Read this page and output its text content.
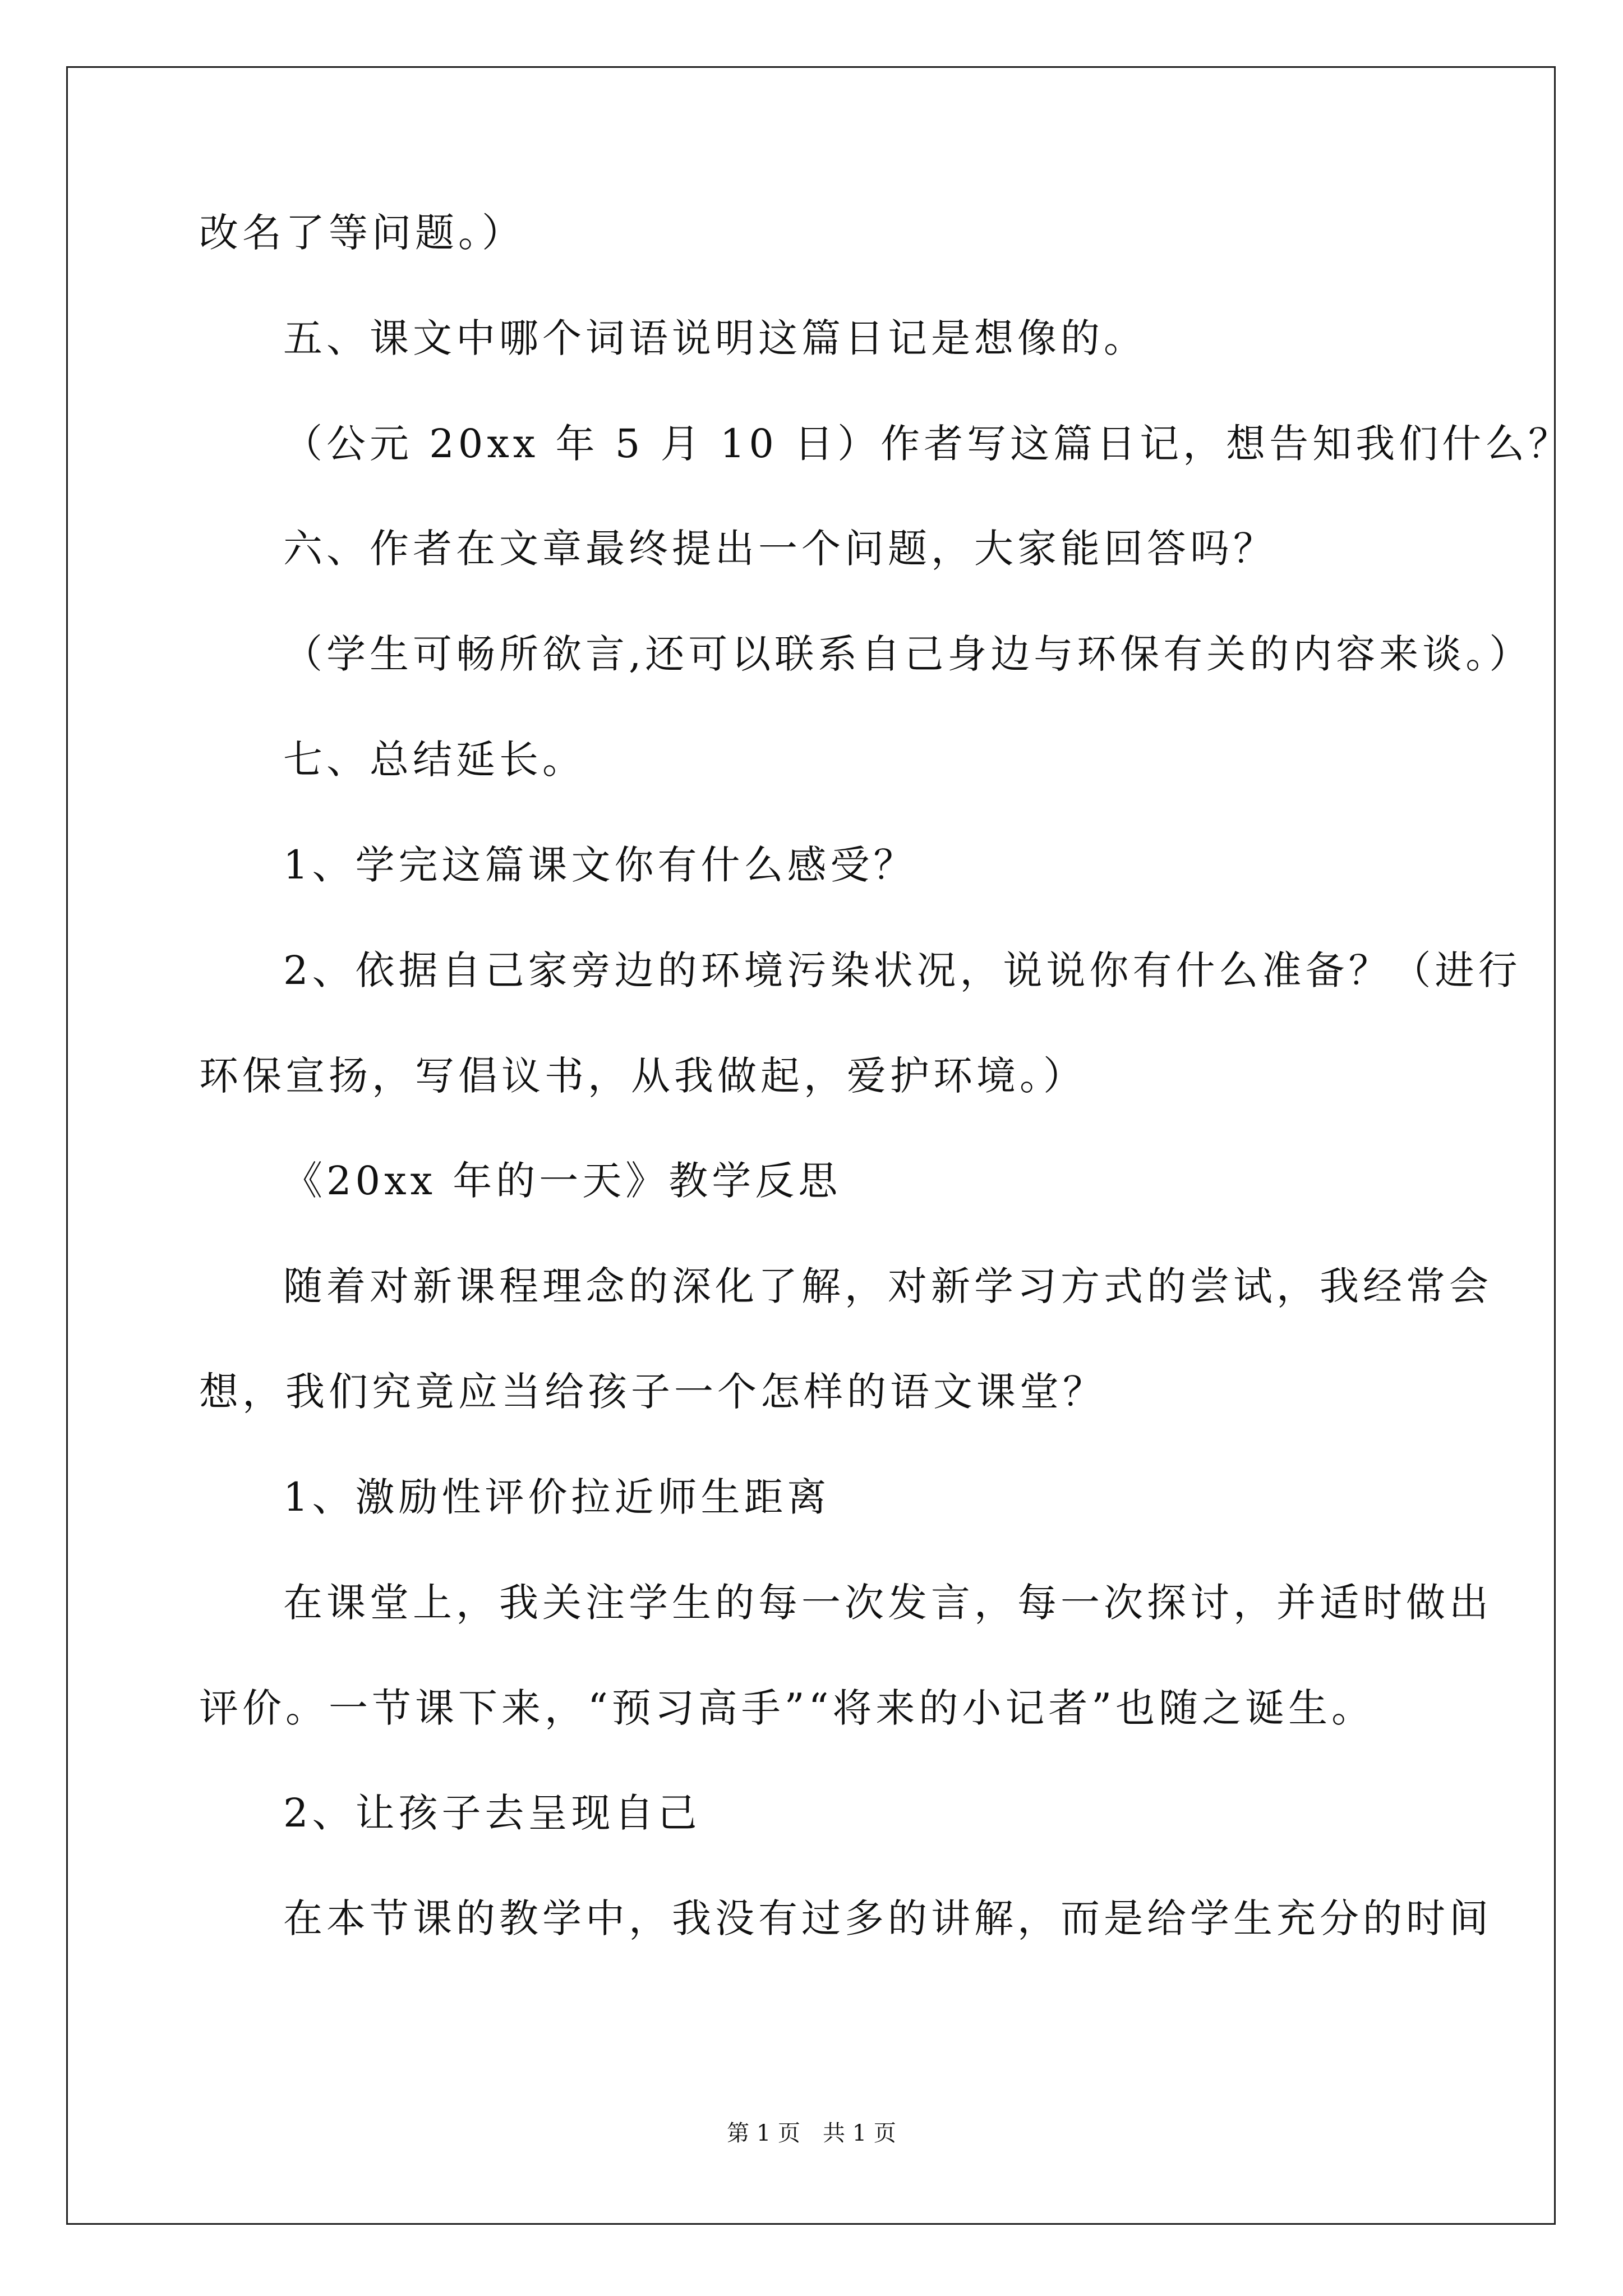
改名了等问题。）
五、课文中哪个词语说明这篇日记是想像的。
（公元 20xx 年 5 月 10 日）作者写这篇日记，想告知我们什么？
六、作者在文章最终提出一个问题，大家能回答吗？
（学生可畅所欲言,还可以联系自己身边与环保有关的内容来谈。）
七、总结延长。
1、学完这篇课文你有什么感受？
2、依据自己家旁边的环境污染状况，说说你有什么准备？（进行
环保宣扬，写倡议书，从我做起，爱护环境。）
《20xx 年的一天》教学反思
随着对新课程理念的深化了解，对新学习方式的尝试，我经常会
想，我们究竟应当给孩子一个怎样的语文课堂？
1、激励性评价拉近师生距离
在课堂上，我关注学生的每一次发言，每一次探讨，并适时做出
评价。一节课下来，“预习高手”“将来的小记者”也随之诞生。
2、让孩子去呈现自己
在本节课的教学中，我没有过多的讲解，而是给学生充分的时间
第 1 页　共 1 页
